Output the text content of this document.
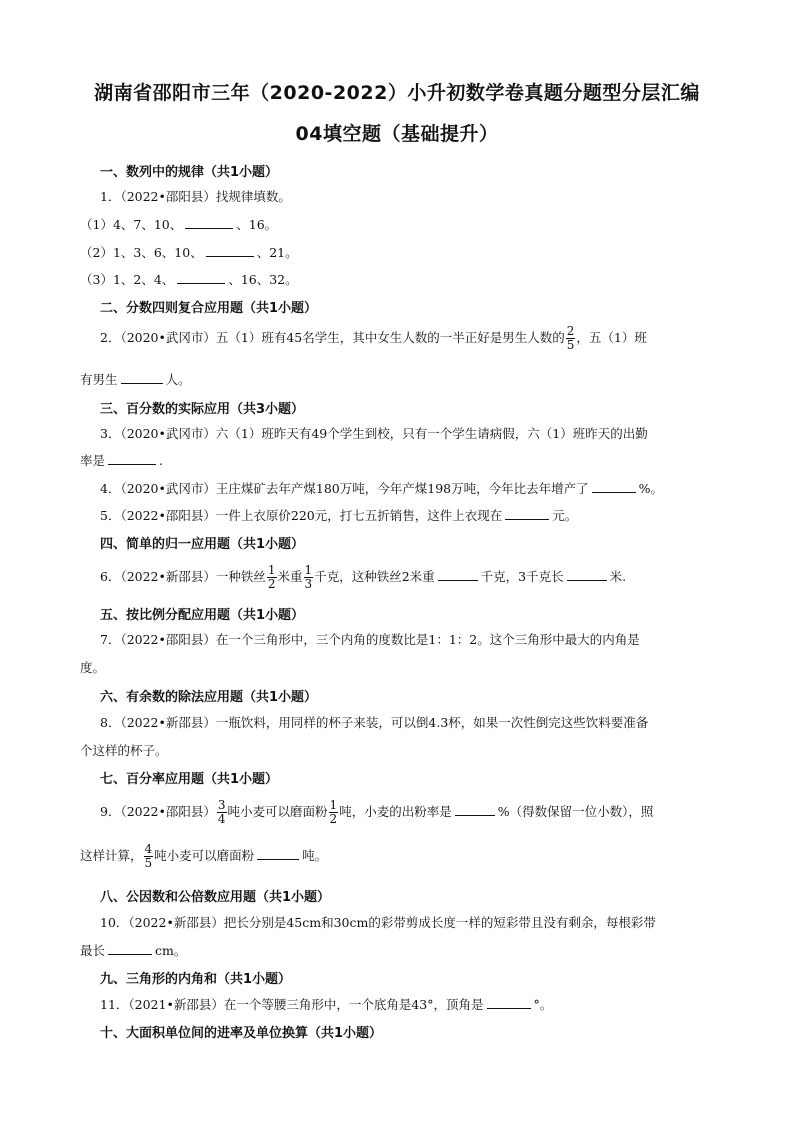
湖南省邵阳市三年（2020-2022）小升初数学卷真题分题型分层汇编
04填空题（基础提升）
一、数列中的规律（共1小题）
1．（2022•邵阳县）找规律填数。
（1）4、7、10、	、16。
（2）1、3、6、10、	、21。
（3）1、2、4、	、16、32。
二、分数四则复合应用题（共1小题）
2．（2020•武冈市）五（1）班有45名学生，其中女生人数的一半正好是男生人数的 $\frac{2}{5}$ ，五（1）班
有男生	人。
三、百分数的实际应用（共3小题）
3．（2020•武冈市）六（1）班昨天有49个学生到校，只有一个学生请病假，六（1）班昨天的出勤
率是	.
4．（2020•武冈市）王庄煤矿去年产煤180万吨，今年产煤198万吨，今年比去年增产了	%。
5．（2022•邵阳县）一件上衣原价220元，打七五折销售，这件上衣现在	元。
四、简单的归一应用题（共1小题）
6．（2022•新邵县）一种铁丝 $\frac{1}{2}$ 米重 $\frac{1}{3}$ 千克，这种铁丝2米重	千克，3千克长	米.
五、按比例分配应用题（共1小题）
7．（2022•邵阳县）在一个三角形中，三个内角的度数比是1：1：2。这个三角形中最大的内角是
度。
六、有余数的除法应用题（共1小题）
8．（2022•新邵县）一瓶饮料，用同样的杯子来装，可以倒4.3杯，如果一次性倒完这些饮料要准备
个这样的杯子。
七、百分率应用题（共1小题）
9．（2022•邵阳县） $\frac{3}{4}$ 吨小麦可以磨面粉 $\frac{1}{2}$ 吨，小麦的出粉率是	%（得数保留一位小数），照
这样计算， $\frac{4}{5}$ 吨小麦可以磨面粉	吨。
八、公因数和公倍数应用题（共1小题）
10．（2022•新邵县）把长分别是45cm和30cm的彩带剪成长度一样的短彩带且没有剩余，每根彩带
最长	cm。
九、三角形的内角和（共1小题）
11．（2021•新邵县）在一个等腰三角形中，一个底角是43°，顶角是	°。
十、大面积单位间的进率及单位换算（共1小题）
